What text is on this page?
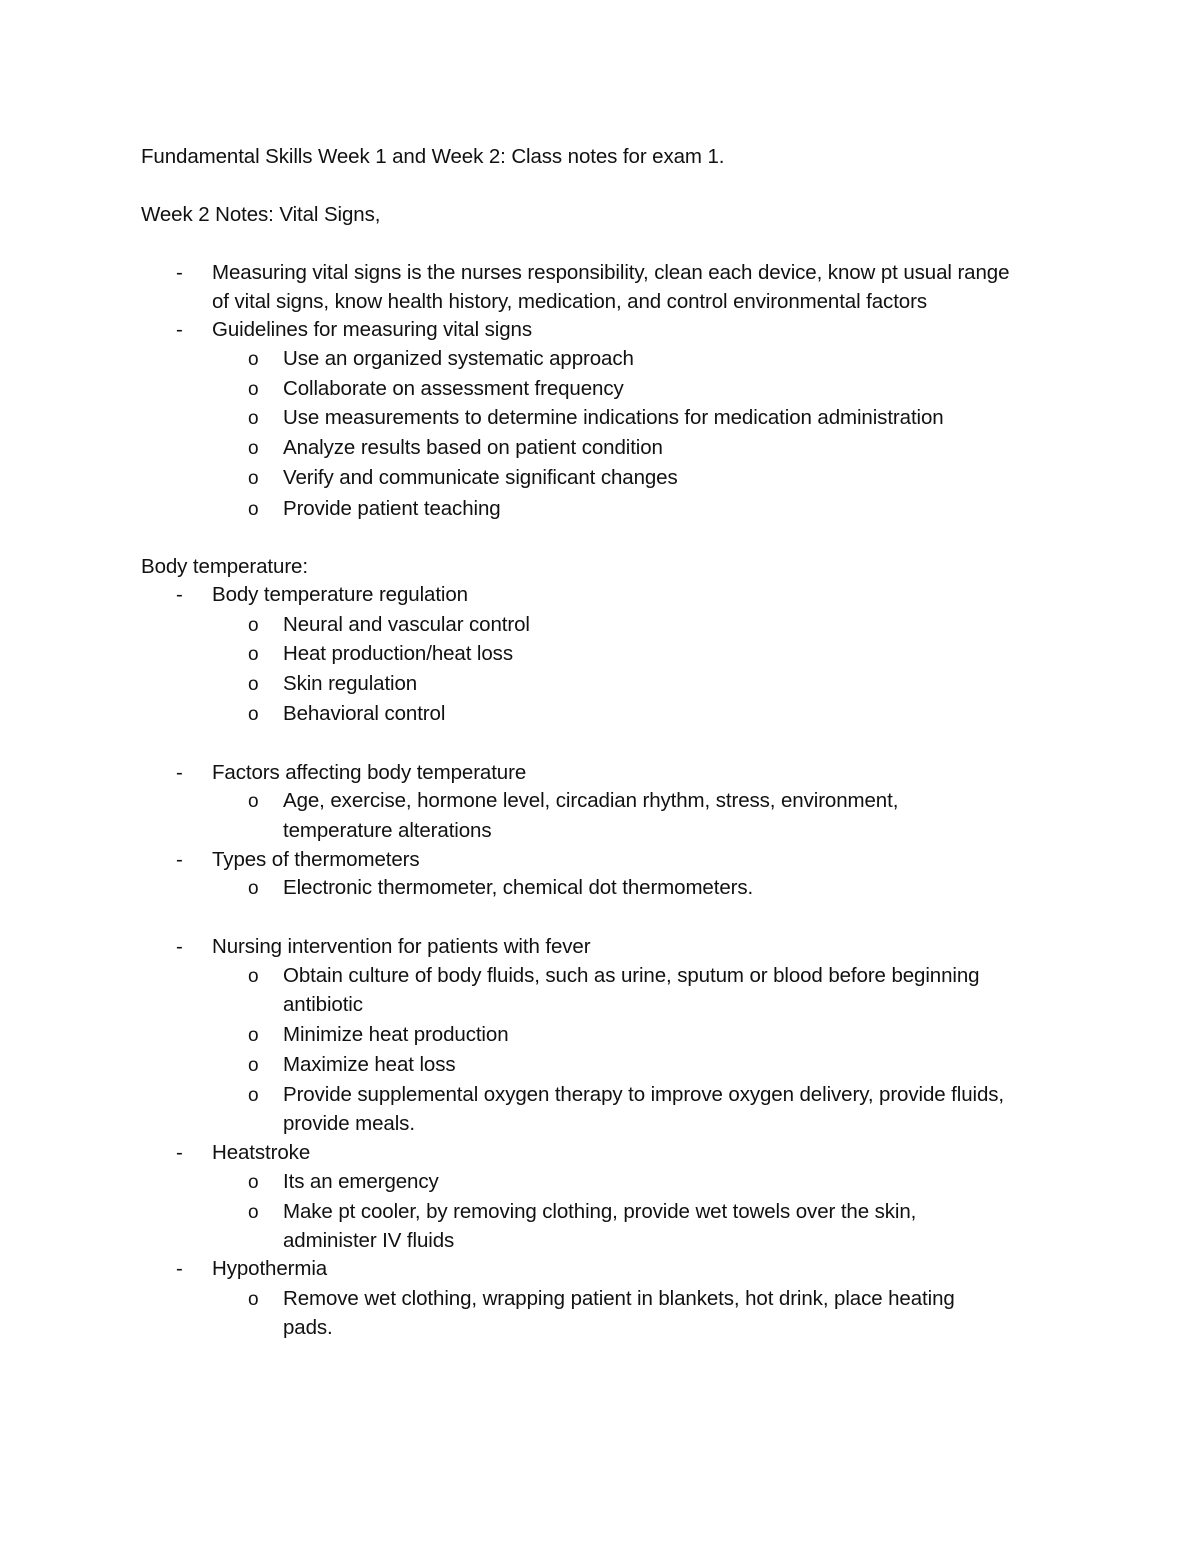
Fundamental Skills Week 1 and Week 2: Class notes for exam 1.
Week 2 Notes: Vital Signs,
- Measuring vital signs is the nurses responsibility, clean each device, know pt usual range
of vital signs, know health history, medication, and control environmental factors
- Guidelines for measuring vital signs
o Use an organized systematic approach
o Collaborate on assessment frequency
o Use measurements to determine indications for medication administration
o Analyze results based on patient condition
o Verify and communicate significant changes
o Provide patient teaching
Body temperature:
- Body temperature regulation
o Neural and vascular control
o Heat production/heat loss
o Skin regulation
o Behavioral control
- Factors affecting body temperature
o Age, exercise, hormone level, circadian rhythm, stress, environment,
temperature alterations
- Types of thermometers
o Electronic thermometer, chemical dot thermometers.
- Nursing intervention for patients with fever
o Obtain culture of body fluids, such as urine, sputum or blood before beginning
antibiotic
o Minimize heat production
o Maximize heat loss
o Provide supplemental oxygen therapy to improve oxygen delivery, provide fluids,
provide meals.
- Heatstroke
o Its an emergency
o Make pt cooler, by removing clothing, provide wet towels over the skin,
administer IV fluids
- Hypothermia
o Remove wet clothing, wrapping patient in blankets, hot drink, place heating
pads.
